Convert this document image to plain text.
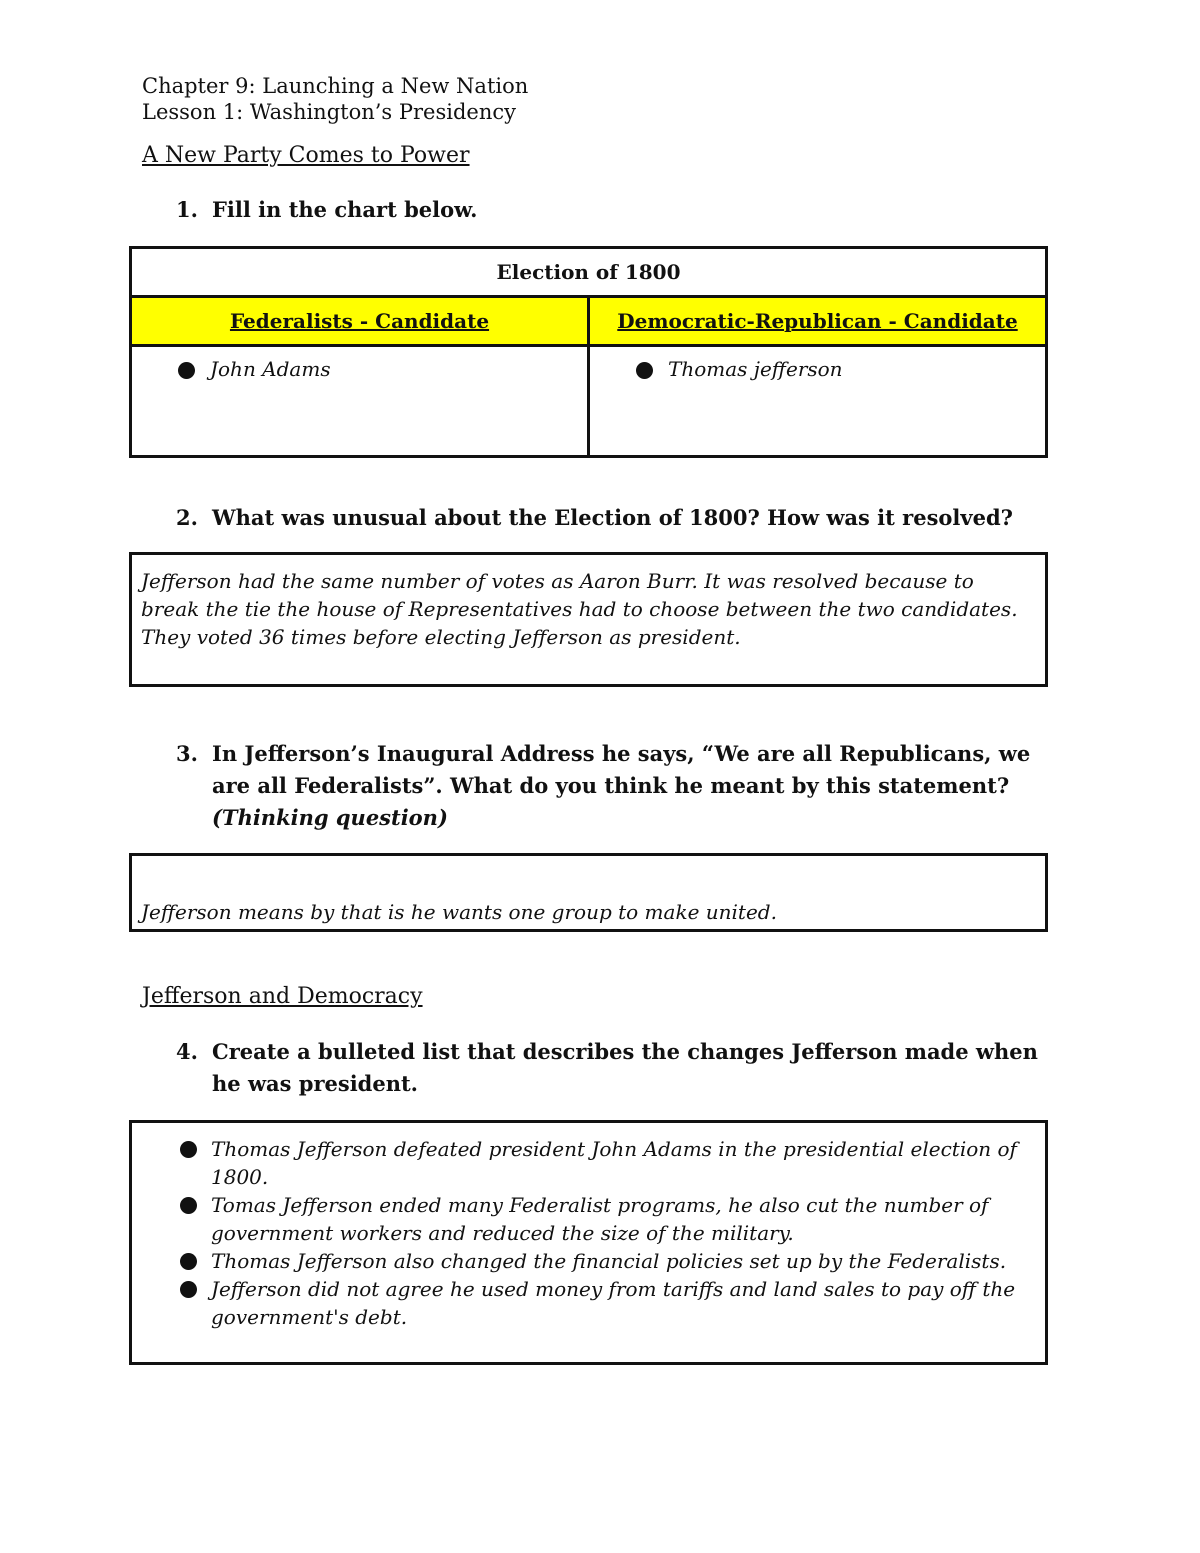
Chapter 9: Launching a New Nation
Lesson 1: Washington’s Presidency
A New Party Comes to Power
1. Fill in the chart below.
Election of 1800	
Federalists - Candidate	Democratic-Republican - Candidate
John Adams	Thomas jefferson
2. What was unusual about the Election of 1800? How was it resolved?
Jefferson had the same number of votes as Aaron Burr. It was resolved because to break the tie the house of Representatives had to choose between the two candidates. They voted 36 times before electing Jefferson as president.
3. In Jefferson’s Inaugural Address he says, “We are all Republicans, we are all Federalists”. What do you think he meant by this statement? (Thinking question)
Jefferson means by that is he wants one group to make united.
Jefferson and Democracy
4. Create a bulleted list that describes the changes Jefferson made when he was president.
Thomas Jefferson defeated president John Adams in the presidential election of 1800.
Tomas Jefferson ended many Federalist programs, he also cut the number of government workers and reduced the size of the military.
Thomas Jefferson also changed the financial policies set up by the Federalists.
Jefferson did not agree he used money from tariffs and land sales to pay off the government's debt.
